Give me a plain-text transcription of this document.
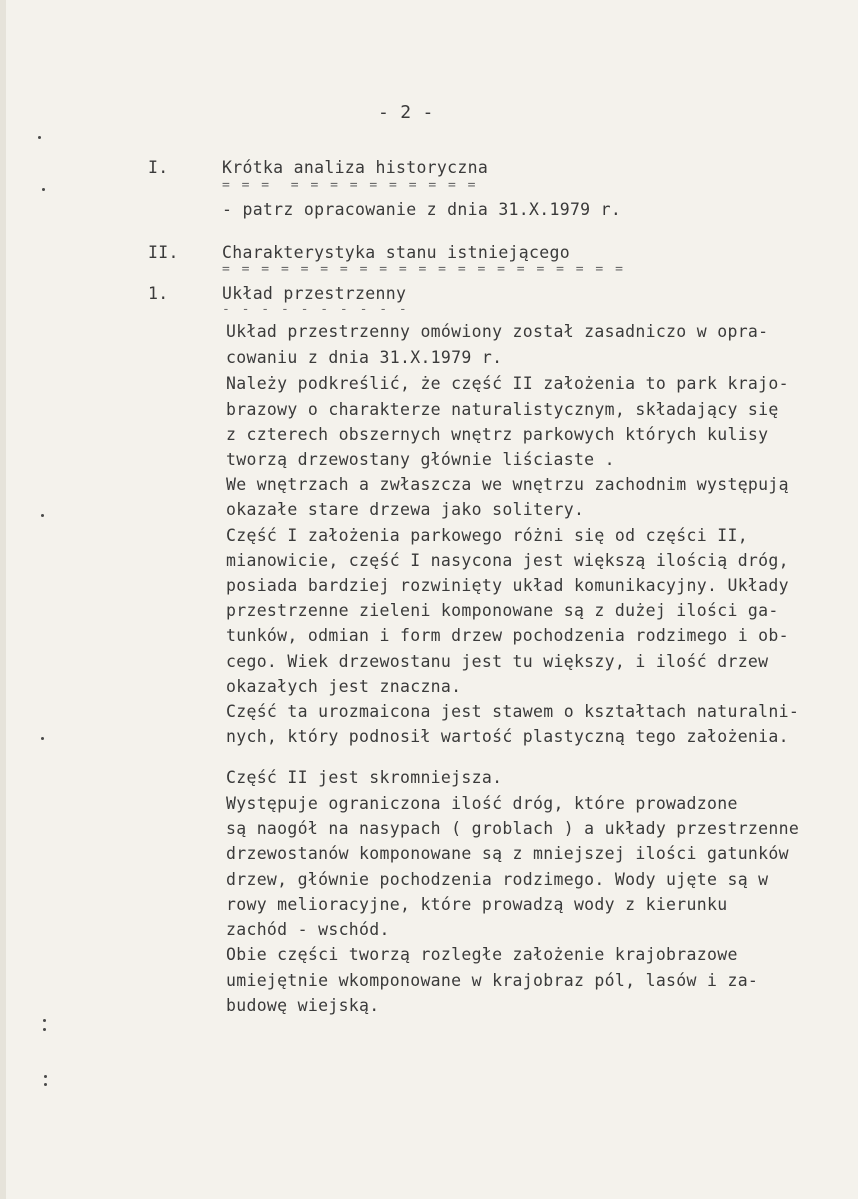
- 2 -
I.	Krótka analiza historyczna
= = =  = = = = = = = = = =
- patrz opracowanie z dnia 31.X.1979 r.
II.	Charakterystyka stanu istniejącego
= = = = = = = = = = = = = = = = = = = = =
1.	Układ przestrzenny
- - - - - - - - - -
Układ przestrzenny omówiony został zasadniczo w opra-
cowaniu z dnia 31.X.1979 r.
Należy podkreślić, że część II założenia to park krajo-
brazowy o charakterze naturalistycznym, składający się
z czterech obszernych wnętrz parkowych których kulisy
tworzą drzewostany głównie liściaste .
We wnętrzach a zwłaszcza we wnętrzu zachodnim występują
okazałe stare drzewa jako solitery.
Część I założenia parkowego różni się od części II,
mianowicie, część I nasycona jest większą ilością dróg,
posiada bardziej rozwinięty układ komunikacyjny. Układy
przestrzenne zieleni komponowane są z dużej ilości ga-
tunków, odmian i form drzew pochodzenia rodzimego i ob-
cego. Wiek drzewostanu jest tu większy, i ilość drzew
okazałych jest znaczna.
Część ta urozmaicona jest stawem o kształtach naturalni-
nych, który podnosił wartość plastyczną tego założenia.
Część II jest skromniejsza.
Występuje ograniczona ilość dróg, które prowadzone
są naogół na nasypach ( groblach ) a układy przestrzenne
drzewostanów komponowane są z mniejszej ilości gatunków
drzew, głównie pochodzenia rodzimego. Wody ujęte są w
rowy melioracyjne, które prowadzą wody z kierunku
zachód - wschód.
Obie części tworzą rozległe założenie krajobrazowe
umiejętnie wkomponowane w krajobraz pól, lasów i za-
budowę wiejską.
